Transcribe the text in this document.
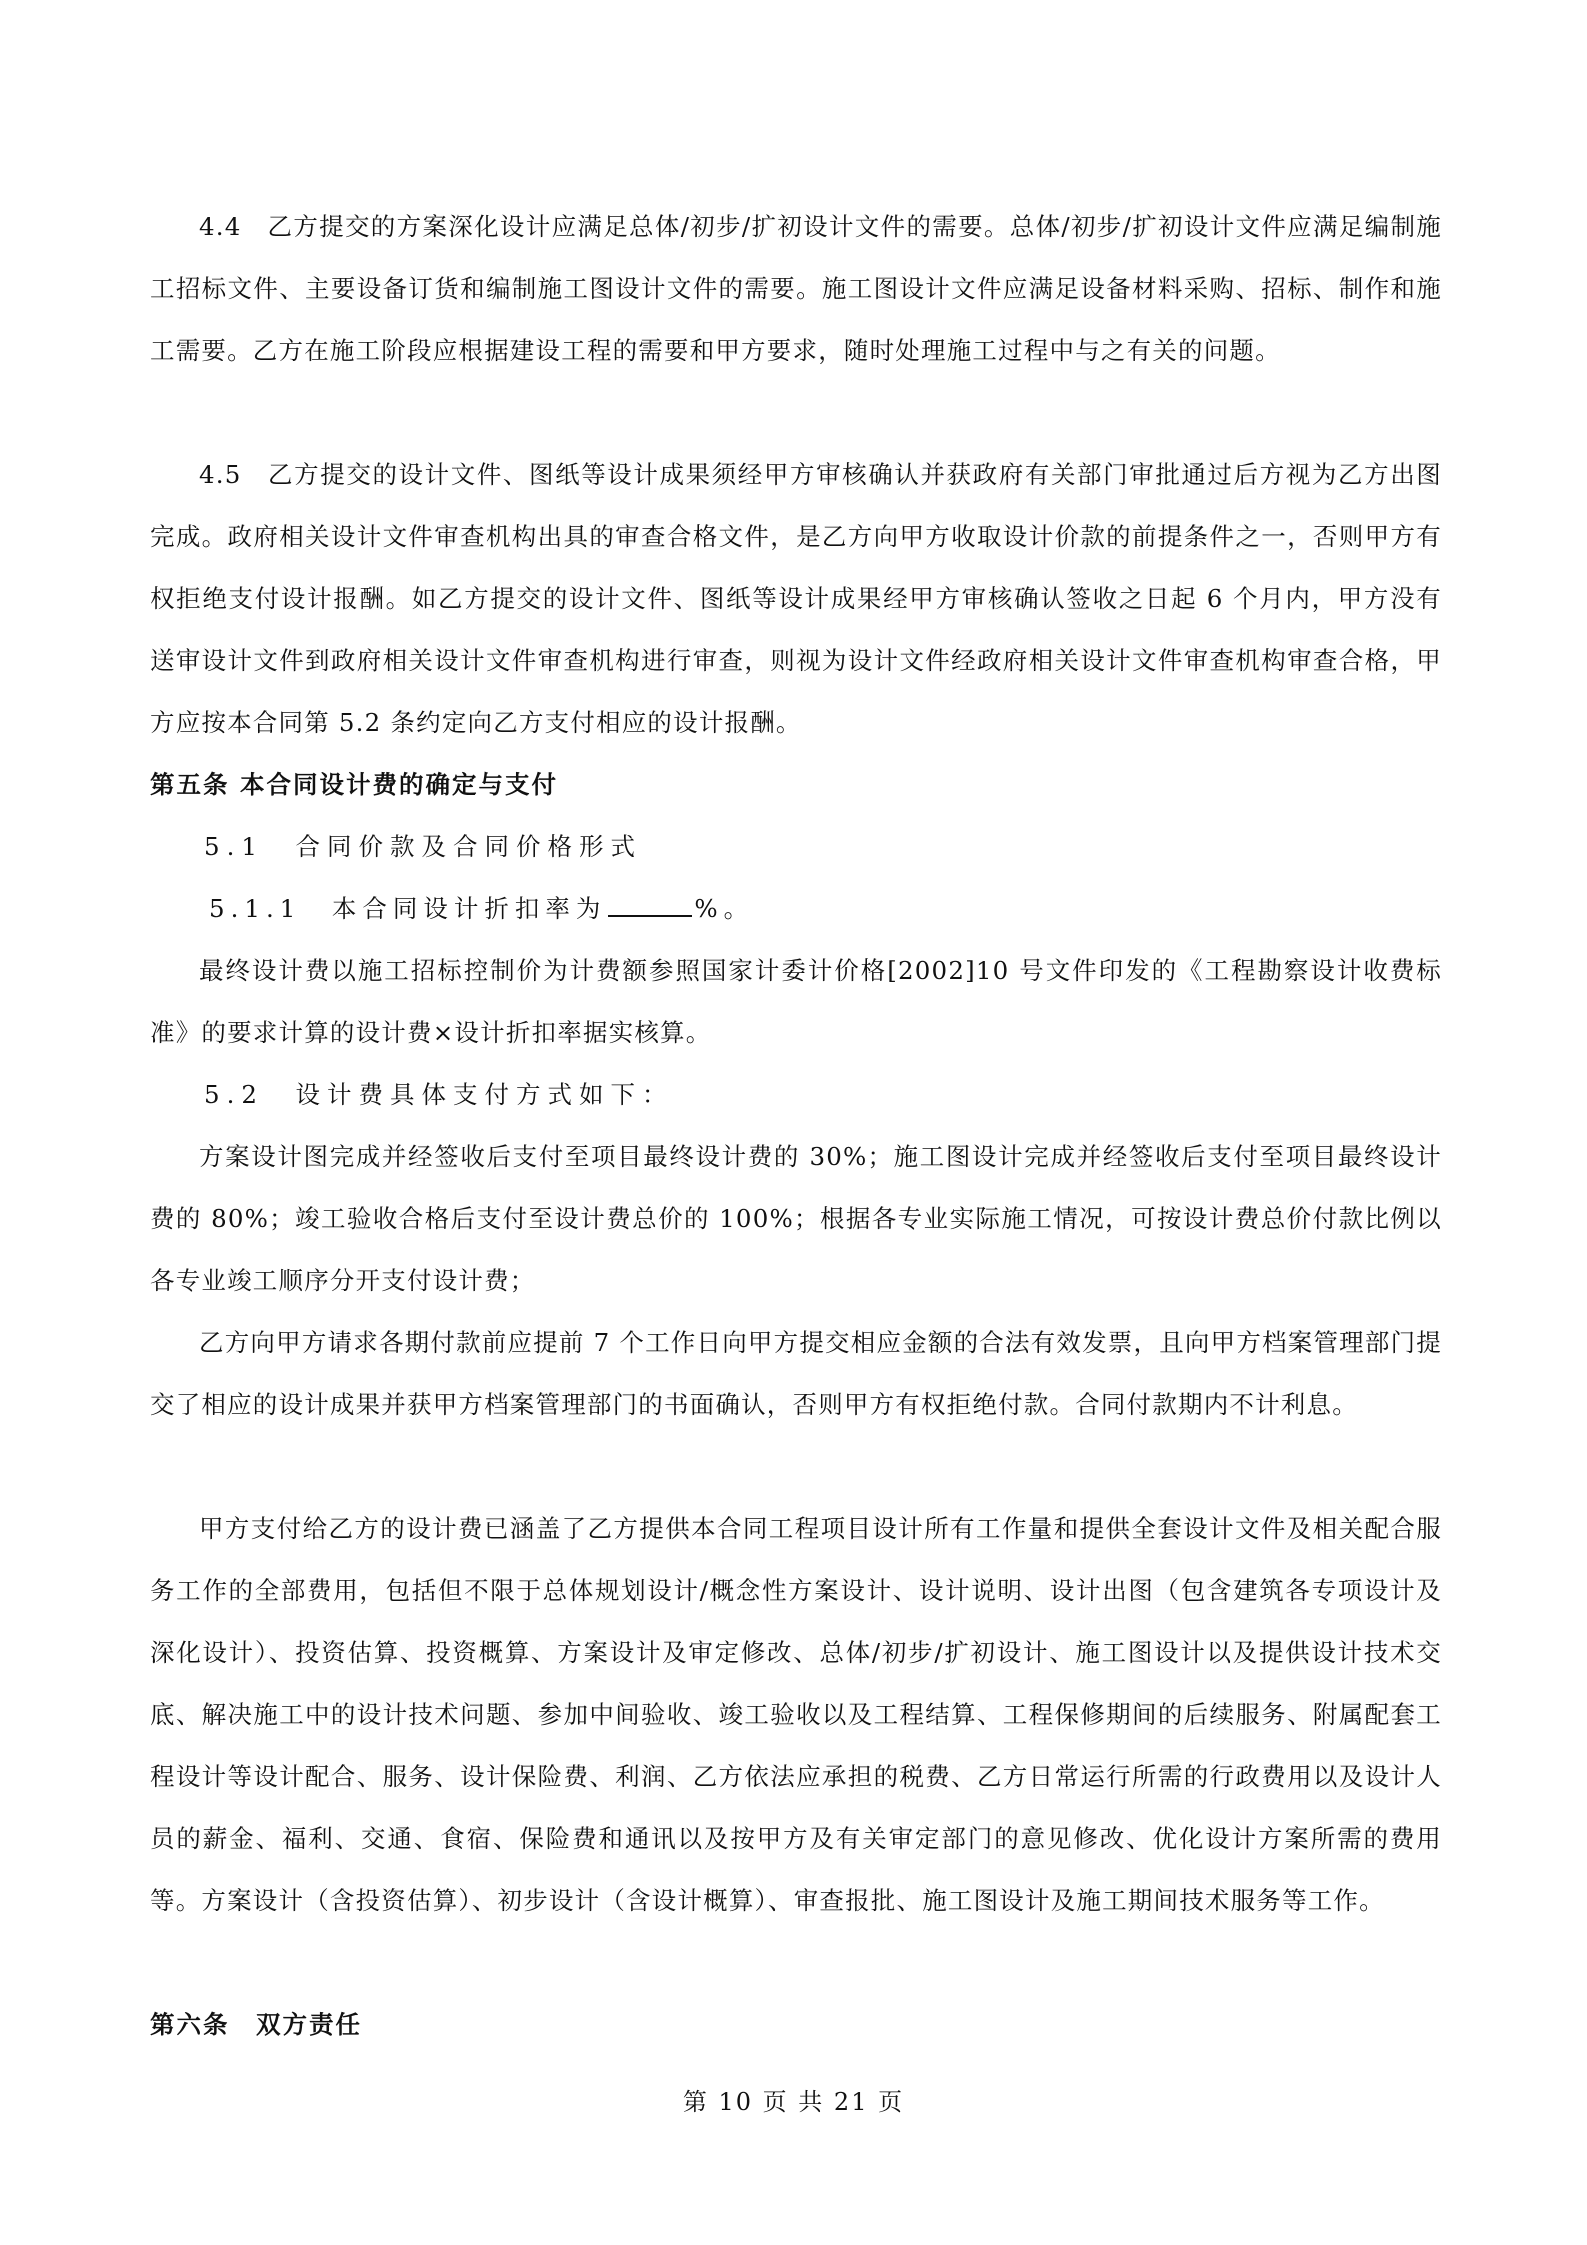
4.4　乙方提交的方案深化设计应满足总体/初步/扩初设计文件的需要。总体/初步/扩初设计文件应满足编制施工招标文件、主要设备订货和编制施工图设计文件的需要。施工图设计文件应满足设备材料采购、招标、制作和施工需要。乙方在施工阶段应根据建设工程的需要和甲方要求，随时处理施工过程中与之有关的问题。

4.5　乙方提交的设计文件、图纸等设计成果须经甲方审核确认并获政府有关部门审批通过后方视为乙方出图完成。政府相关设计文件审查机构出具的审查合格文件，是乙方向甲方收取设计价款的前提条件之一，否则甲方有权拒绝支付设计报酬。如乙方提交的设计文件、图纸等设计成果经甲方审核确认签收之日起 6 个月内，甲方没有送审设计文件到政府相关设计文件审查机构进行审查，则视为设计文件经政府相关设计文件审查机构审查合格，甲方应按本合同第 5.2 条约定向乙方支付相应的设计报酬。

第五条 本合同设计费的确定与支付

5.1　合同价款及合同价格形式

5.1.1　本合同设计折扣率为	%。

最终设计费以施工招标控制价为计费额参照国家计委计价格[2002]10 号文件印发的《工程勘察设计收费标准》的要求计算的设计费×设计折扣率据实核算。

5.2　设计费具体支付方式如下：

方案设计图完成并经签收后支付至项目最终设计费的 30%；施工图设计完成并经签收后支付至项目最终设计费的 80%；竣工验收合格后支付至设计费总价的 100%；根据各专业实际施工情况，可按设计费总价付款比例以各专业竣工顺序分开支付设计费；

乙方向甲方请求各期付款前应提前 7 个工作日向甲方提交相应金额的合法有效发票，且向甲方档案管理部门提交了相应的设计成果并获甲方档案管理部门的书面确认，否则甲方有权拒绝付款。合同付款期内不计利息。

甲方支付给乙方的设计费已涵盖了乙方提供本合同工程项目设计所有工作量和提供全套设计文件及相关配合服务工作的全部费用，包括但不限于总体规划设计/概念性方案设计、设计说明、设计出图（包含建筑各专项设计及深化设计）、投资估算、投资概算、方案设计及审定修改、总体/初步/扩初设计、施工图设计以及提供设计技术交底、解决施工中的设计技术问题、参加中间验收、竣工验收以及工程结算、工程保修期间的后续服务、附属配套工程设计等设计配合、服务、设计保险费、利润、乙方依法应承担的税费、乙方日常运行所需的行政费用以及设计人员的薪金、福利、交通、食宿、保险费和通讯以及按甲方及有关审定部门的意见修改、优化设计方案所需的费用等。方案设计（含投资估算）、初步设计（含设计概算）、审查报批、施工图设计及施工期间技术服务等工作。

第六条　双方责任

第 10 页 共 21 页
